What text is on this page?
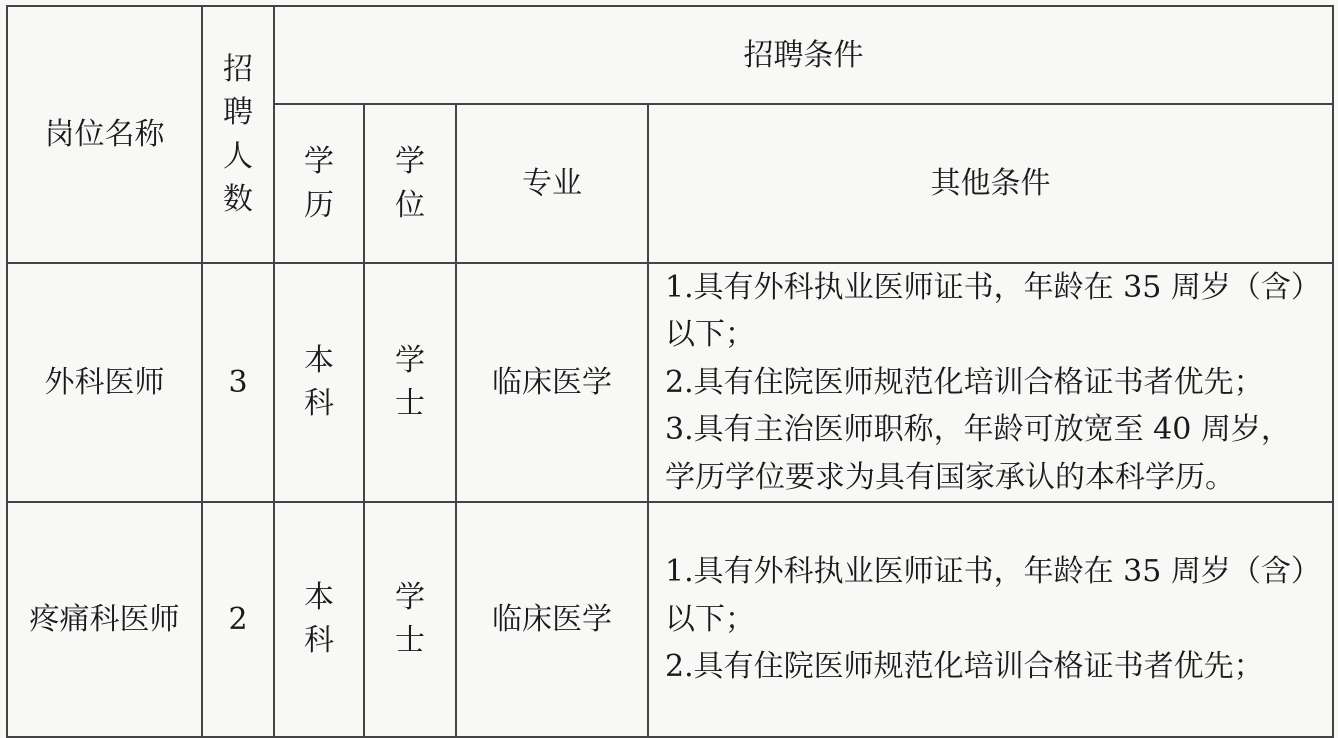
岗位名称	招聘人数	招聘条件			
		学历	学位	专业	其他条件
外科医师	3	本科	学士	临床医学	1.具有外科执业医师证书，年龄在 35 周岁（含）
以下；
2.具有住院医师规范化培训合格证书者优先；
3.具有主治医师职称，年龄可放宽至 40 周岁，
学历学位要求为具有国家承认的本科学历。

疼痛科医师	2	本科	学士	临床医学	1.具有外科执业医师证书，年龄在 35 周岁（含）
以下；
2.具有住院医师规范化培训合格证书者优先；
